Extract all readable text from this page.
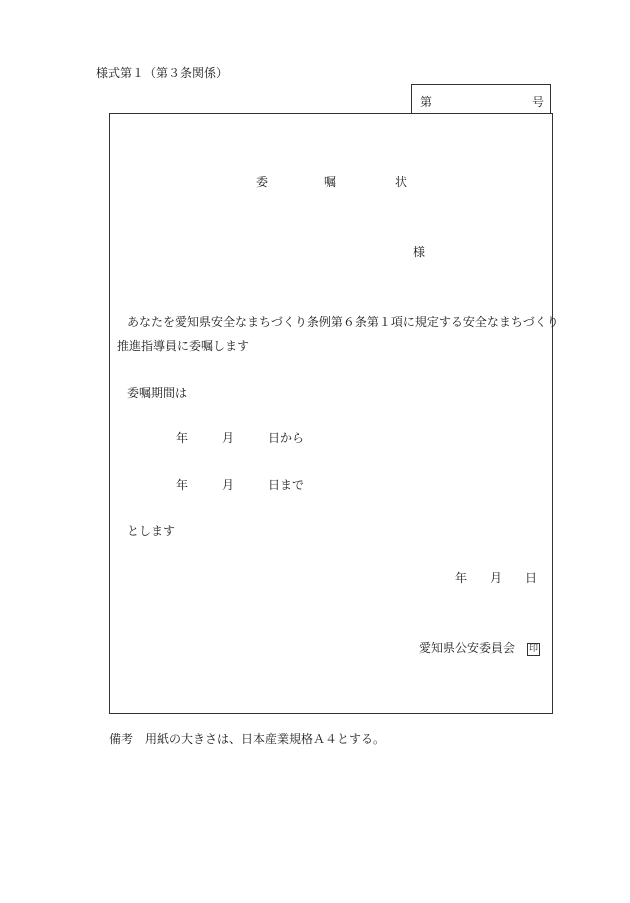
様式第１（第３条関係）
第	号
委	嘱	状
様
あなたを愛知県安全なまちづくり条例第６条第１項に規定する安全なまちづくり
推進指導員に委嘱します
委嘱期間は
年	月	日から
年	月	日まで
とします
年 月 日
愛知県公安委員会 印
備考 用紙の大きさは、日本産業規格Ａ４とする。
